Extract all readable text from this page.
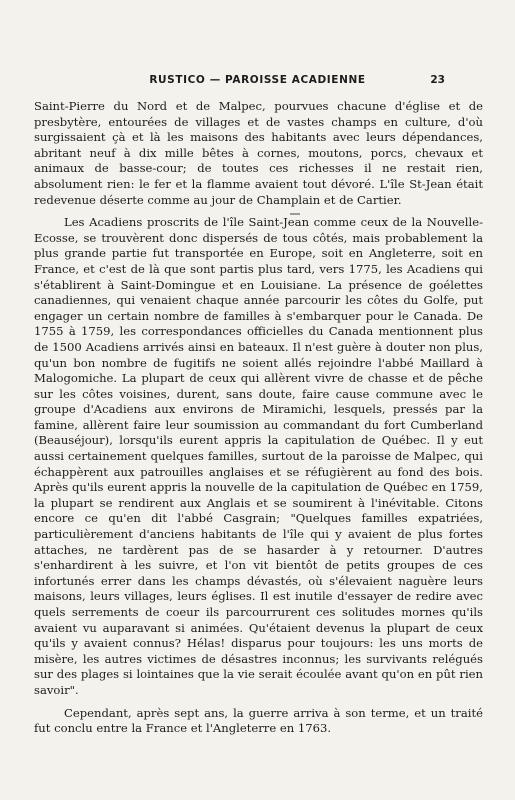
RUSTICO — PAROISSE ACADIENNE	23

Saint-Pierre du Nord et de Malpec, pourvues chacune d'église et de presbytère, entourées de villages et de vastes champs en culture, d'où surgissaient çà et là les maisons des habitants avec leurs dépendances, abritant neuf à dix mille bêtes à cornes, moutons, porcs, chevaux et animaux de basse-cour; de toutes ces richesses il ne restait rien, absolument rien: le fer et la flamme avaient tout dévoré. L'île St-Jean était redevenue déserte comme au jour de Champlain et de Cartier.

Les Acadiens proscrits de l'île Saint-Jean comme ceux de la Nouvelle-Ecosse, se trouvèrent donc dispersés de tous côtés, mais probablement la plus grande partie fut transportée en Europe, soit en Angleterre, soit en France, et c'est de là que sont partis plus tard, vers 1775, les Acadiens qui s'établirent à Saint-Domingue et en Louisiane. La présence de goélettes canadiennes, qui venaient chaque année parcourir les côtes du Golfe, put engager un certain nombre de familles à s'embarquer pour le Canada. De 1755 à 1759, les correspondances officielles du Canada mentionnent plus de 1500 Acadiens arrivés ainsi en bateaux. Il n'est guère à douter non plus, qu'un bon nombre de fugitifs ne soient allés rejoindre l'abbé Maillard à Malogomiche. La plupart de ceux qui allèrent vivre de chasse et de pêche sur les côtes voisines, durent, sans doute, faire cause commune avec le groupe d'Acadiens aux environs de Miramichi, lesquels, pressés par la famine, allèrent faire leur soumission au commandant du fort Cumberland (Beauséjour), lorsqu'ils eurent appris la capitulation de Québec. Il y eut aussi certainement quelques familles, surtout de la paroisse de Malpec, qui échappèrent aux patrouilles anglaises et se réfugièrent au fond des bois. Après qu'ils eurent appris la nouvelle de la capitulation de Québec en 1759, la plupart se rendirent aux Anglais et se soumirent à l'inévitable. Citons encore ce qu'en dit l'abbé Casgrain; "Quelques familles expatriées, particulièrement d'anciens habitants de l'île qui y avaient de plus fortes attaches, ne tardèrent pas de se hasarder à y retourner. D'autres s'enhardirent à les suivre, et l'on vit bientôt de petits groupes de ces infortunés errer dans les champs dévastés, où s'élevaient naguère leurs maisons, leurs villages, leurs églises. Il est inutile d'essayer de redire avec quels serrements de coeur ils parcourrurent ces solitudes mornes qu'ils avaient vu auparavant si animées. Qu'étaient devenus la plupart de ceux qu'ils y avaient connus? Hélas! disparus pour toujours: les uns morts de misère, les autres victimes de désastres inconnus; les survivants relégués sur des plages si lointaines que la vie serait écoulée avant qu'on en pût rien savoir".

Cependant, après sept ans, la guerre arriva à son terme, et un traité fut conclu entre la France et l'Angleterre en 1763.
